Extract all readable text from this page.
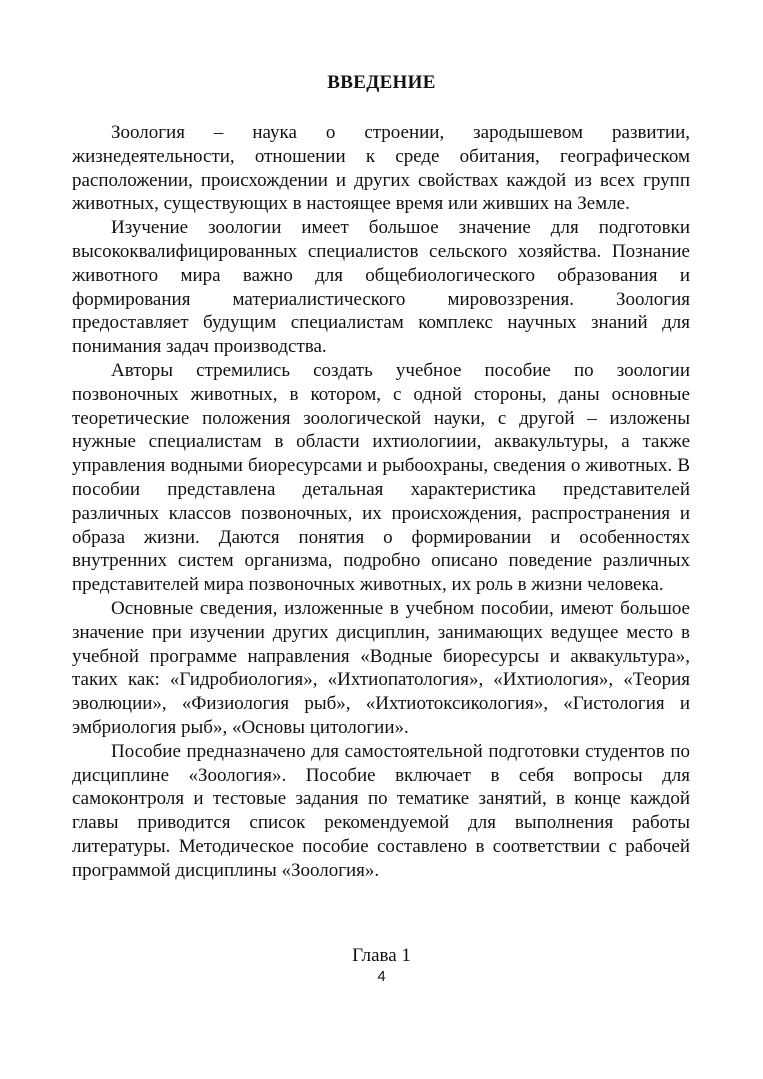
ВВЕДЕНИЕ

Зоология – наука о строении, зародышевом развитии, жизнедеятельности, отношении к среде обитания, географическом расположении, происхождении и других свойствах каждой из всех групп животных, существующих в настоящее время или живших на Земле.

Изучение зоологии имеет большое значение для подготовки высококвалифицированных специалистов сельского хозяйства. Познание животного мира важно для общебиологического образования и формирования материалистического мировоззрения. Зоология предоставляет будущим специалистам комплекс научных знаний для понимания задач производства.

Авторы стремились создать учебное пособие по зоологии позвоночных животных, в котором, с одной стороны, даны основные теоретические положения зоологической науки, с другой – изложены нужные специалистам в области ихтиологиии, аквакультуры, а также управления водными биоресурсами и рыбоохраны, сведения о животных. В пособии представлена детальная характеристика представителей различных классов позвоночных, их происхождения, распространения и образа жизни. Даются понятия о формировании и особенностях внутренних систем организма, подробно описано поведение различных представителей мира позвоночных животных, их роль в жизни человека.

Основные сведения, изложенные в учебном пособии, имеют большое значение при изучении других дисциплин, занимающих ведущее место в учебной программе направления «Водные биоресурсы и аквакультура», таких как: «Гидробиология», «Ихтиопатология», «Ихтиология», «Теория эволюции», «Физиология рыб», «Ихтиотоксикология», «Гистология и эмбриология рыб», «Основы цитологии».

Пособие предназначено для самостоятельной подготовки студентов по дисциплине «Зоология». Пособие включает в себя вопросы для самоконтроля и тестовые задания по тематике занятий, в конце каждой главы приводится список рекомендуемой для выполнения работы литературы. Методическое пособие составлено в соответствии с рабочей программой дисциплины «Зоология».

Глава 1
4
